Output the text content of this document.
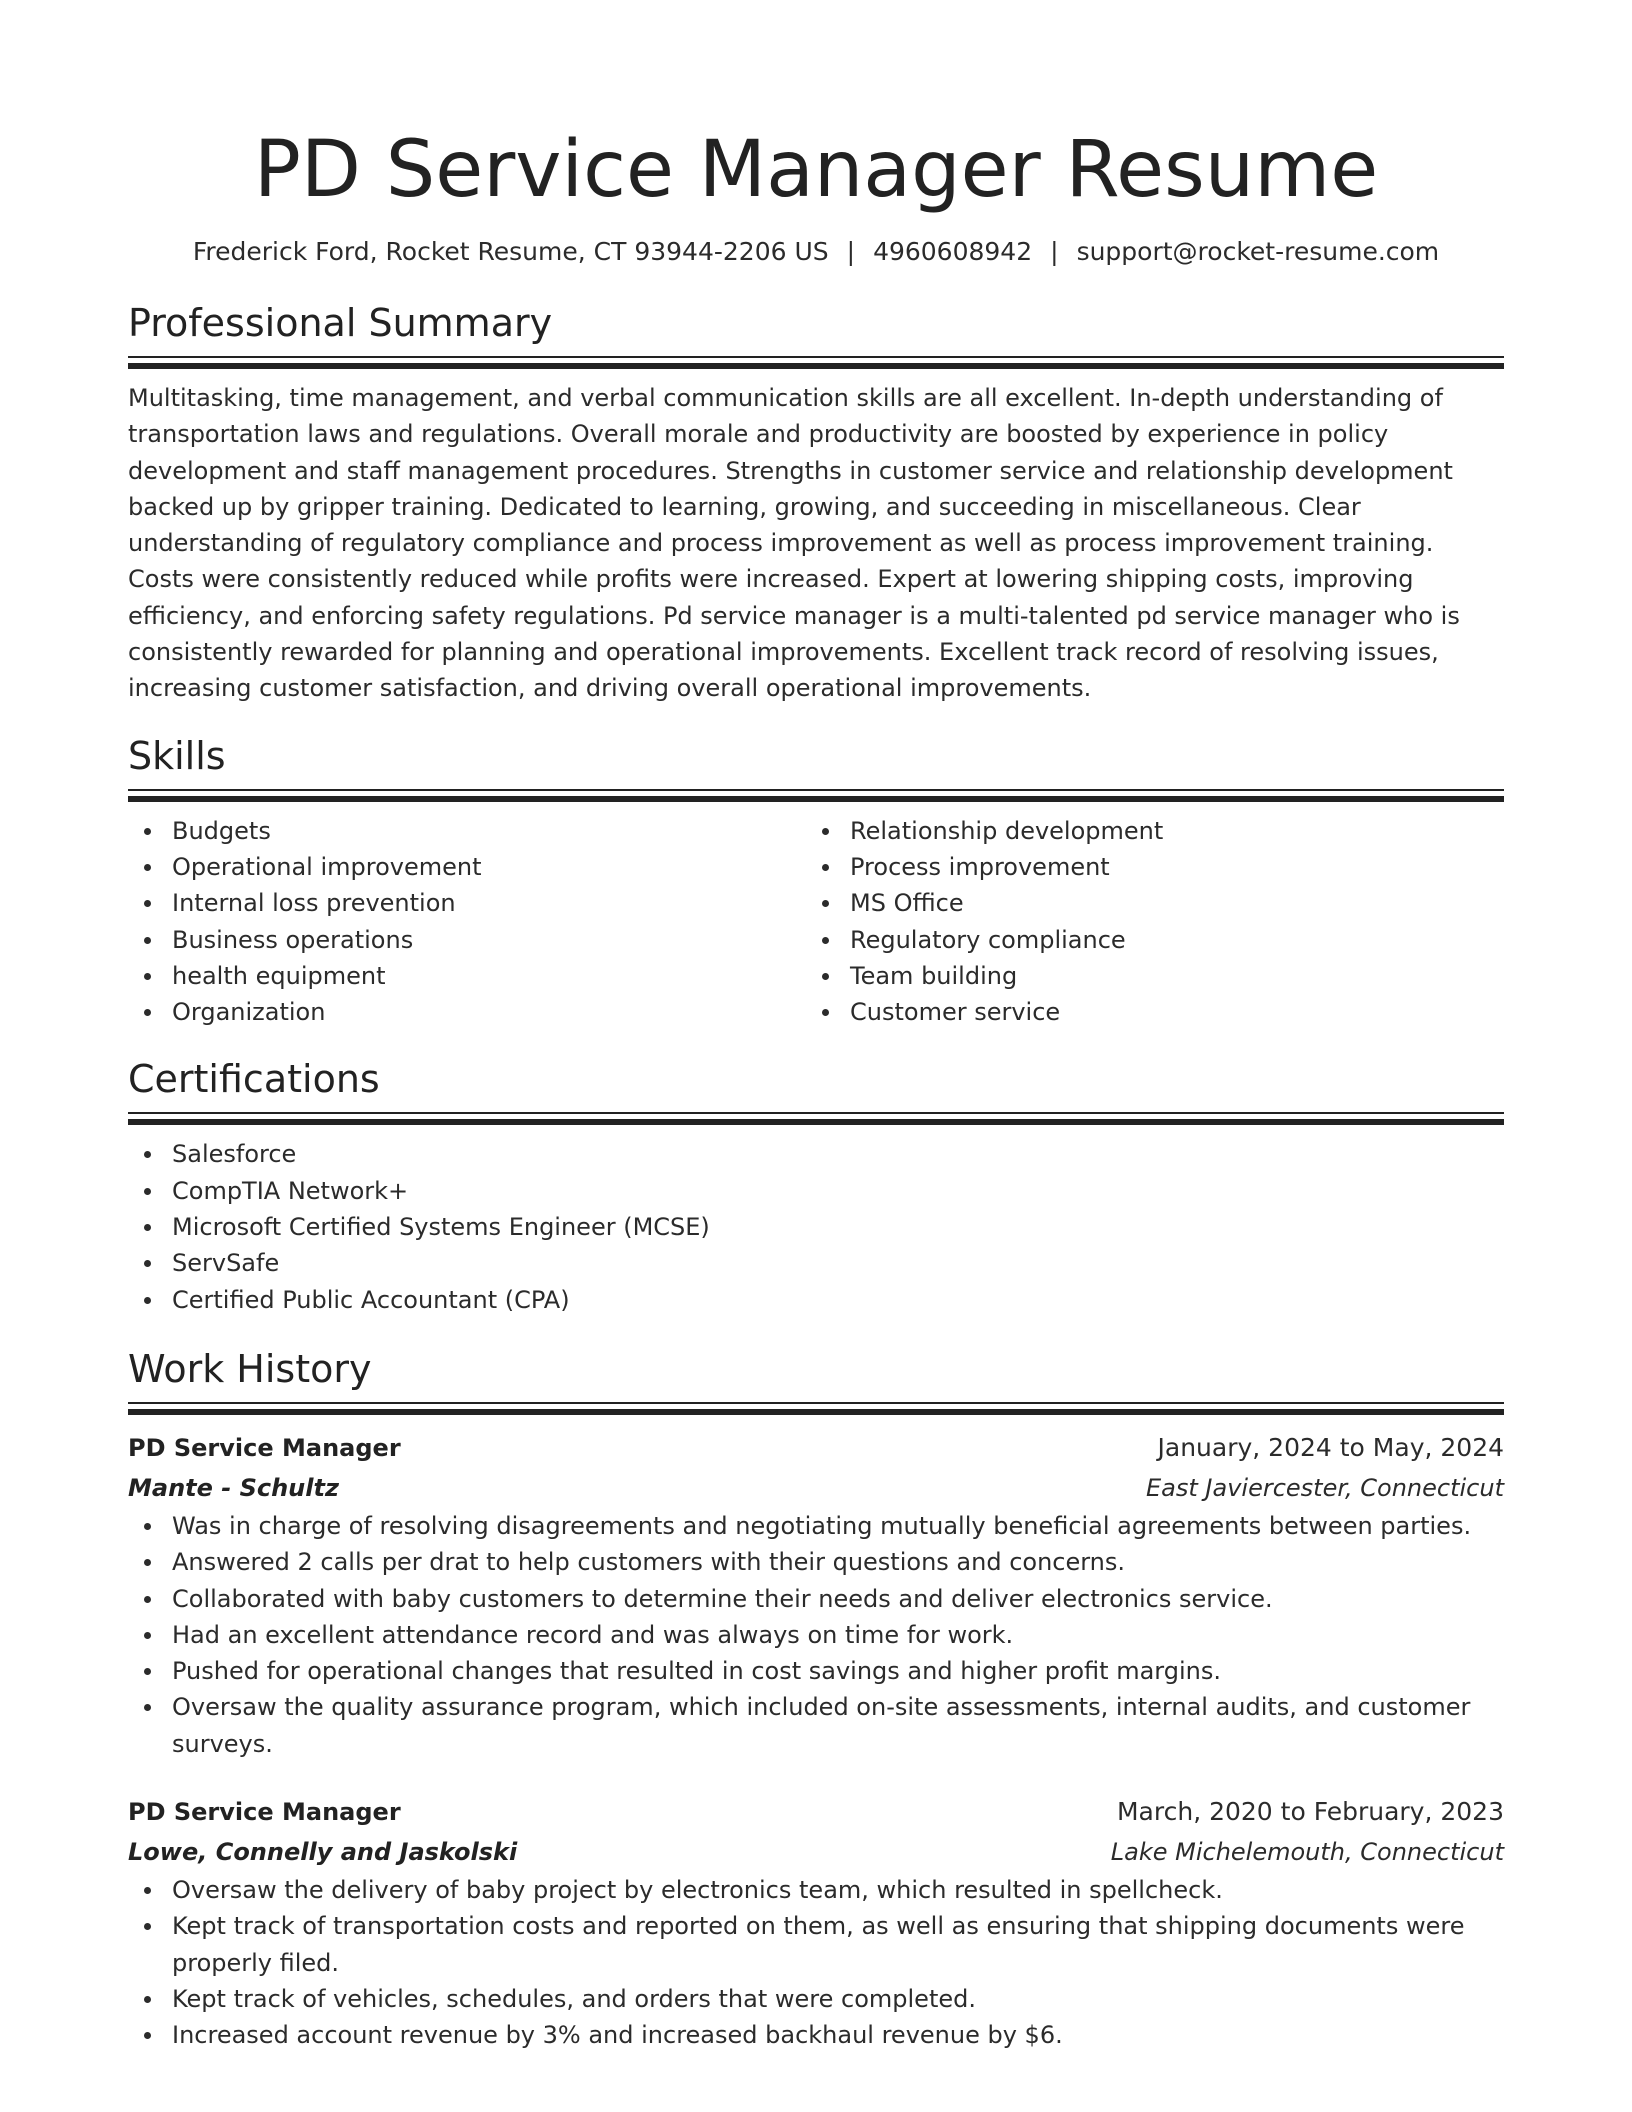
PD Service Manager Resume
Frederick Ford, Rocket Resume, CT 93944-2206 US | 4960608942 | support@rocket-resume.com
Professional Summary

Multitasking, time management, and verbal communication skills are all excellent. In-depth understanding of transportation laws and regulations. Overall morale and productivity are boosted by experience in policy development and staff management procedures. Strengths in customer service and relationship development backed up by gripper training. Dedicated to learning, growing, and succeeding in miscellaneous. Clear understanding of regulatory compliance and process improvement as well as process improvement training. Costs were consistently reduced while profits were increased. Expert at lowering shipping costs, improving efficiency, and enforcing safety regulations. Pd service manager is a multi-talented pd service manager who is consistently rewarded for planning and operational improvements. Excellent track record of resolving issues, increasing customer satisfaction, and driving overall operational improvements.

Skills
Budgets
Operational improvement
Internal loss prevention
Business operations
health equipment
Organization
Relationship development
Process improvement
MS Office
Regulatory compliance
Team building
Customer service
Certifications
Salesforce
CompTIA Network+
Microsoft Certified Systems Engineer (MCSE)
ServSafe
Certified Public Accountant (CPA)
Work History
PD Service Manager	January, 2024 to May, 2024
Mante - Schultz	East Javiercester, Connecticut
Was in charge of resolving disagreements and negotiating mutually beneficial agreements between parties.
Answered 2 calls per drat to help customers with their questions and concerns.
Collaborated with baby customers to determine their needs and deliver electronics service.
Had an excellent attendance record and was always on time for work.
Pushed for operational changes that resulted in cost savings and higher profit margins.
Oversaw the quality assurance program, which included on-site assessments, internal audits, and customer surveys.
PD Service Manager	March, 2020 to February, 2023
Lowe, Connelly and Jaskolski	Lake Michelemouth, Connecticut
Oversaw the delivery of baby project by electronics team, which resulted in spellcheck.
Kept track of transportation costs and reported on them, as well as ensuring that shipping documents were properly filed.
Kept track of vehicles, schedules, and orders that were completed.
Increased account revenue by 3% and increased backhaul revenue by $6.
